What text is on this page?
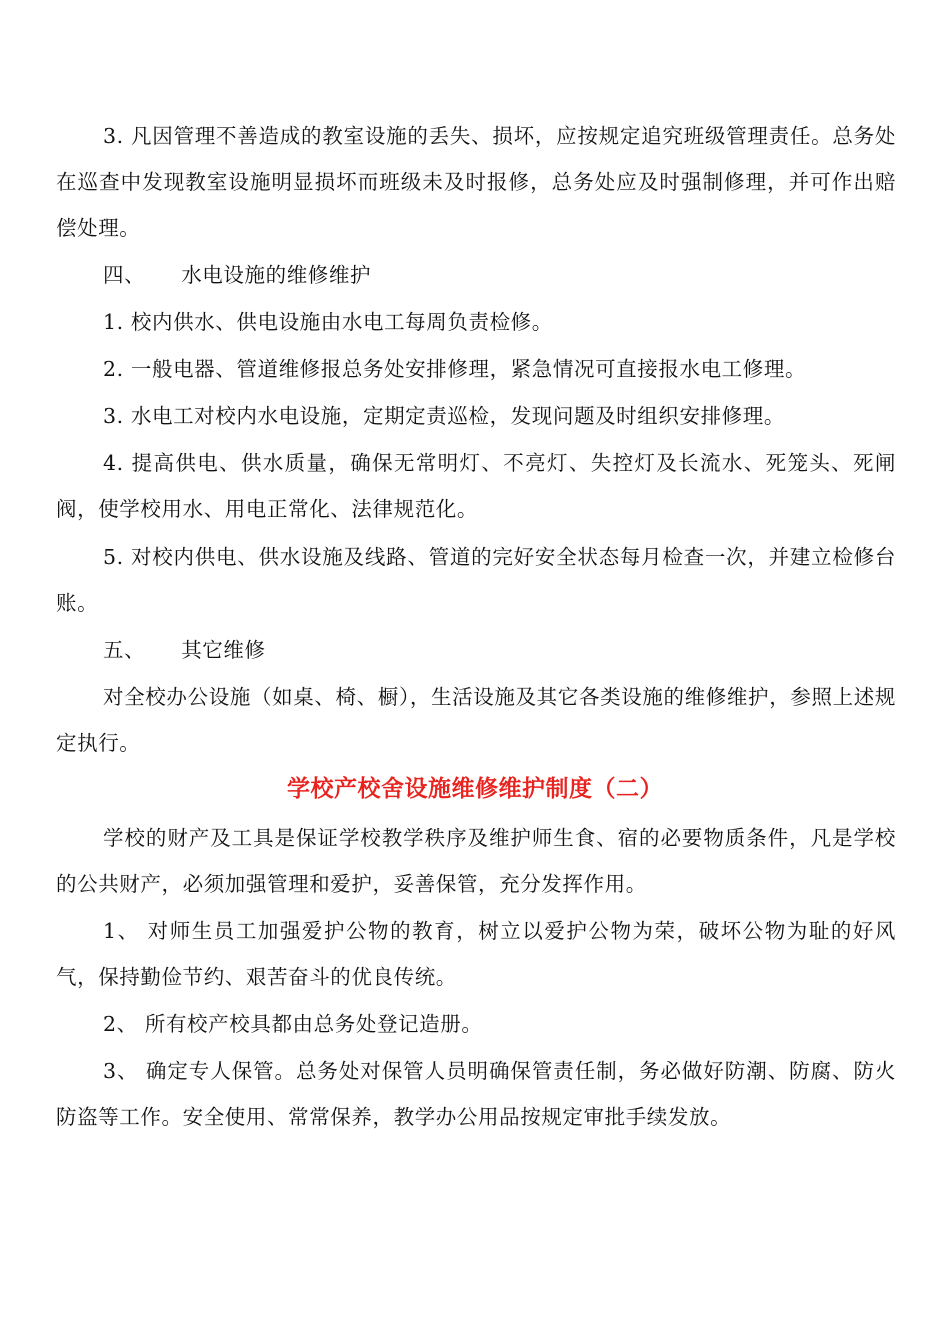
3. 凡因管理不善造成的教室设施的丢失、损坏，应按规定追究班级管理责任。总务处在巡查中发现教室设施明显损坏而班级未及时报修，总务处应及时强制修理，并可作出赔偿处理。

四、 水电设施的维修维护

1. 校内供水、供电设施由水电工每周负责检修。

2. 一般电器、管道维修报总务处安排修理，紧急情况可直接报水电工修理。

3. 水电工对校内水电设施，定期定责巡检，发现问题及时组织安排修理。

4. 提高供电、供水质量，确保无常明灯、不亮灯、失控灯及长流水、死笼头、死闸阀，使学校用水、用电正常化、法律规范化。

5. 对校内供电、供水设施及线路、管道的完好安全状态每月检查一次，并建立检修台账。

五、 其它维修

对全校办公设施（如桌、椅、橱），生活设施及其它各类设施的维修维护，参照上述规定执行。

学校产校舍设施维修维护制度（二）

学校的财产及工具是保证学校教学秩序及维护师生食、宿的必要物质条件，凡是学校的公共财产，必须加强管理和爱护，妥善保管，充分发挥作用。

1、 对师生员工加强爱护公物的教育，树立以爱护公物为荣，破坏公物为耻的好风气，保持勤俭节约、艰苦奋斗的优良传统。

2、 所有校产校具都由总务处登记造册。

3、 确定专人保管。总务处对保管人员明确保管责任制，务必做好防潮、防腐、防火防盗等工作。安全使用、常常保养，教学办公用品按规定审批手续发放。
